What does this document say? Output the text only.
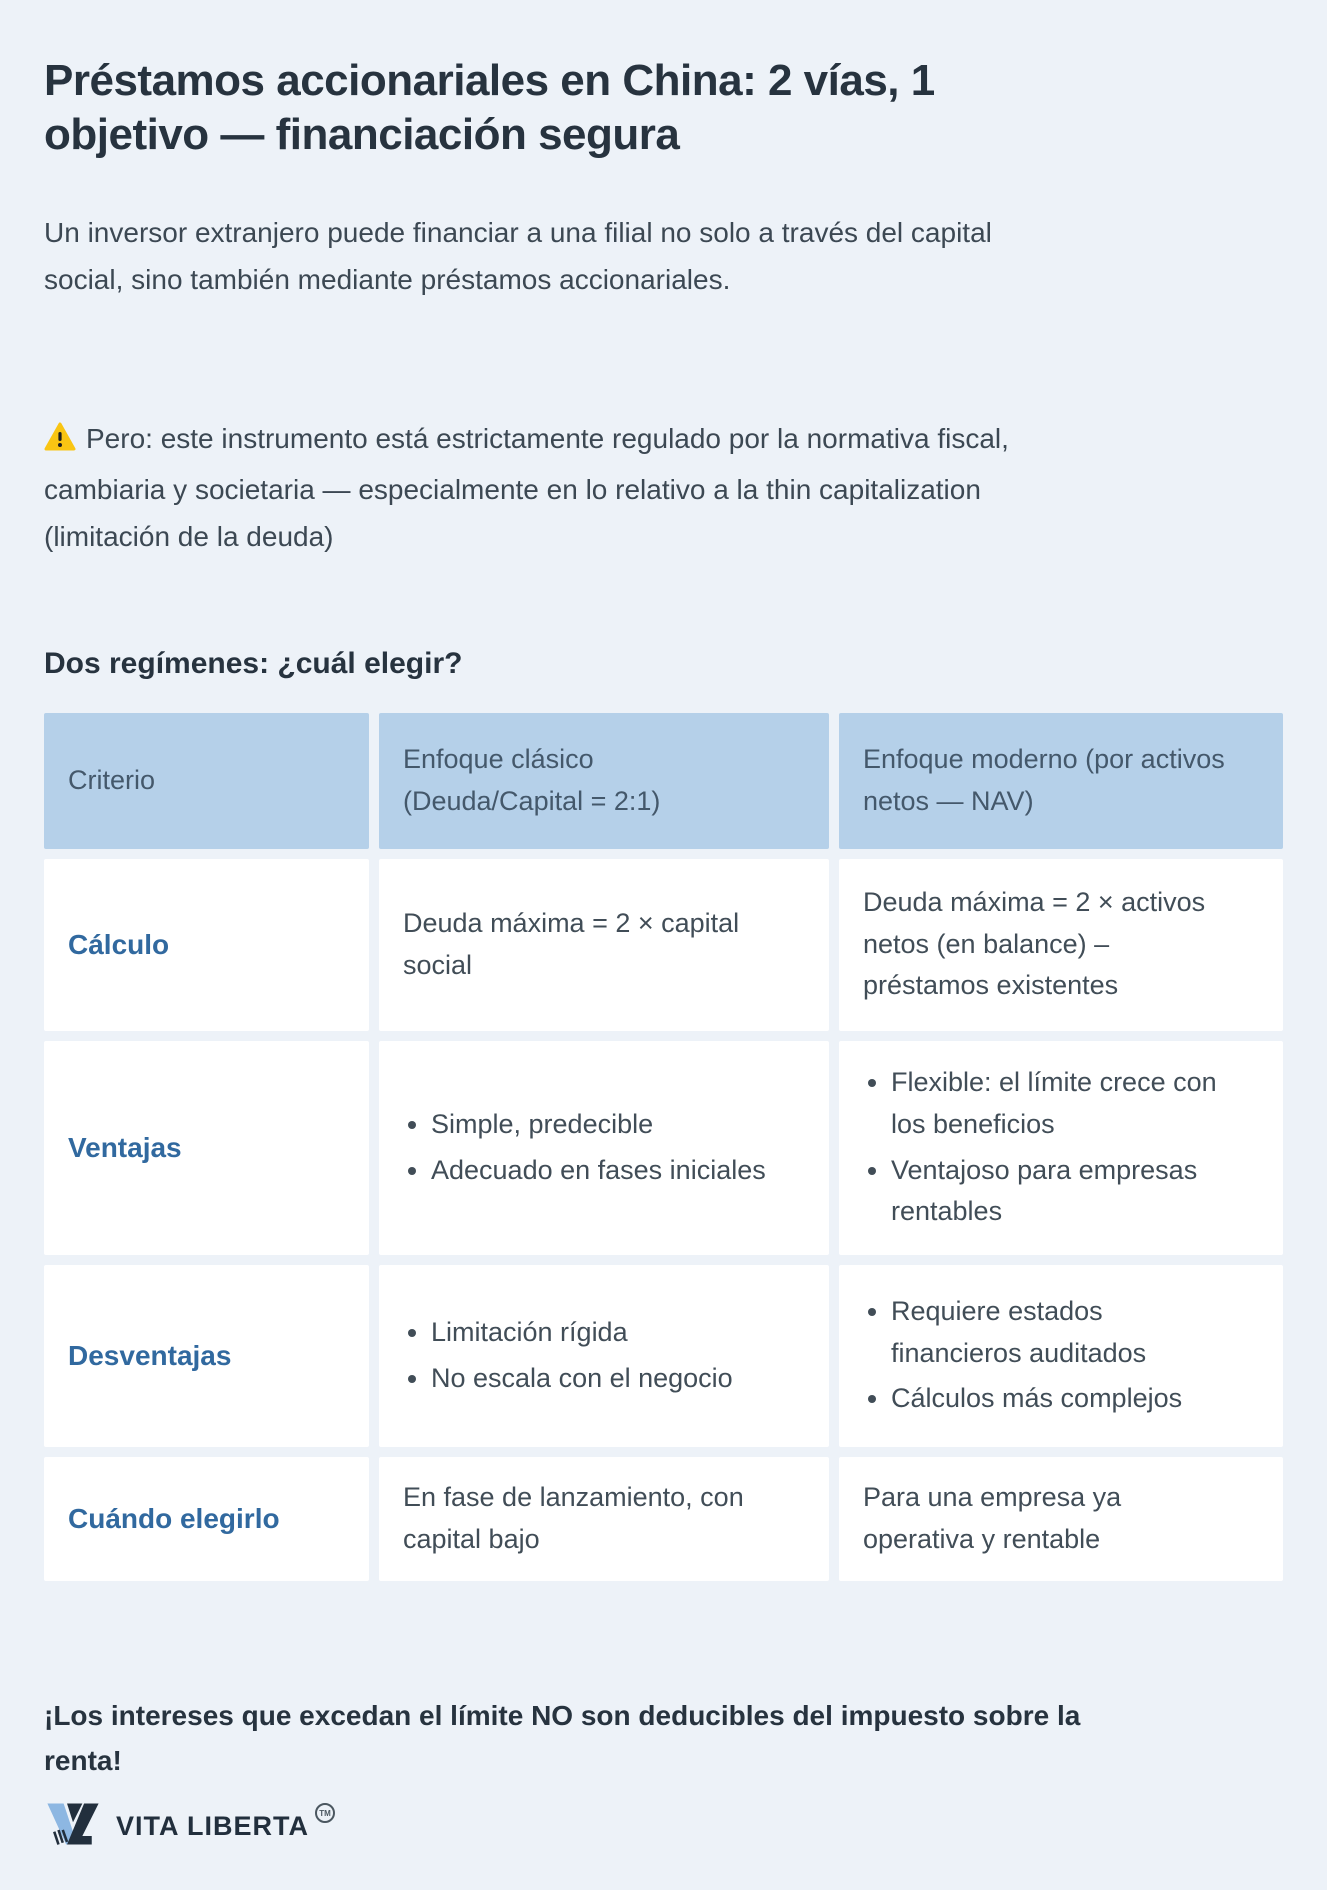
Préstamos accionariales en China: 2 vías, 1 objetivo — financiación segura

Un inversor extranjero puede financiar a una filial no solo a través del capital social, sino también mediante préstamos accionariales.

Pero: este instrumento está estrictamente regulado por la normativa fiscal, cambiaria y societaria — especialmente en lo relativo a la thin capitalization (limitación de la deuda)

Dos regímenes: ¿cuál elegir?
Criterio
Enfoque clásico (Deuda/Capital = 2:1)
Enfoque moderno (por activos netos — NAV)
Cálculo
Deuda máxima = 2 × capital social
Deuda máxima = 2 × activos netos (en balance) – préstamos existentes
Ventajas
• Simple, predecible
• Adecuado en fases iniciales
• Flexible: el límite crece con los beneficios
• Ventajoso para empresas rentables
Desventajas
• Limitación rígida
• No escala con el negocio
• Requiere estados financieros auditados
• Cálculos más complejos
Cuándo elegirlo
En fase de lanzamiento, con capital bajo
Para una empresa ya operativa y rentable

¡Los intereses que excedan el límite NO son deducibles del impuesto sobre la renta!

VITA LIBERTA	TM
